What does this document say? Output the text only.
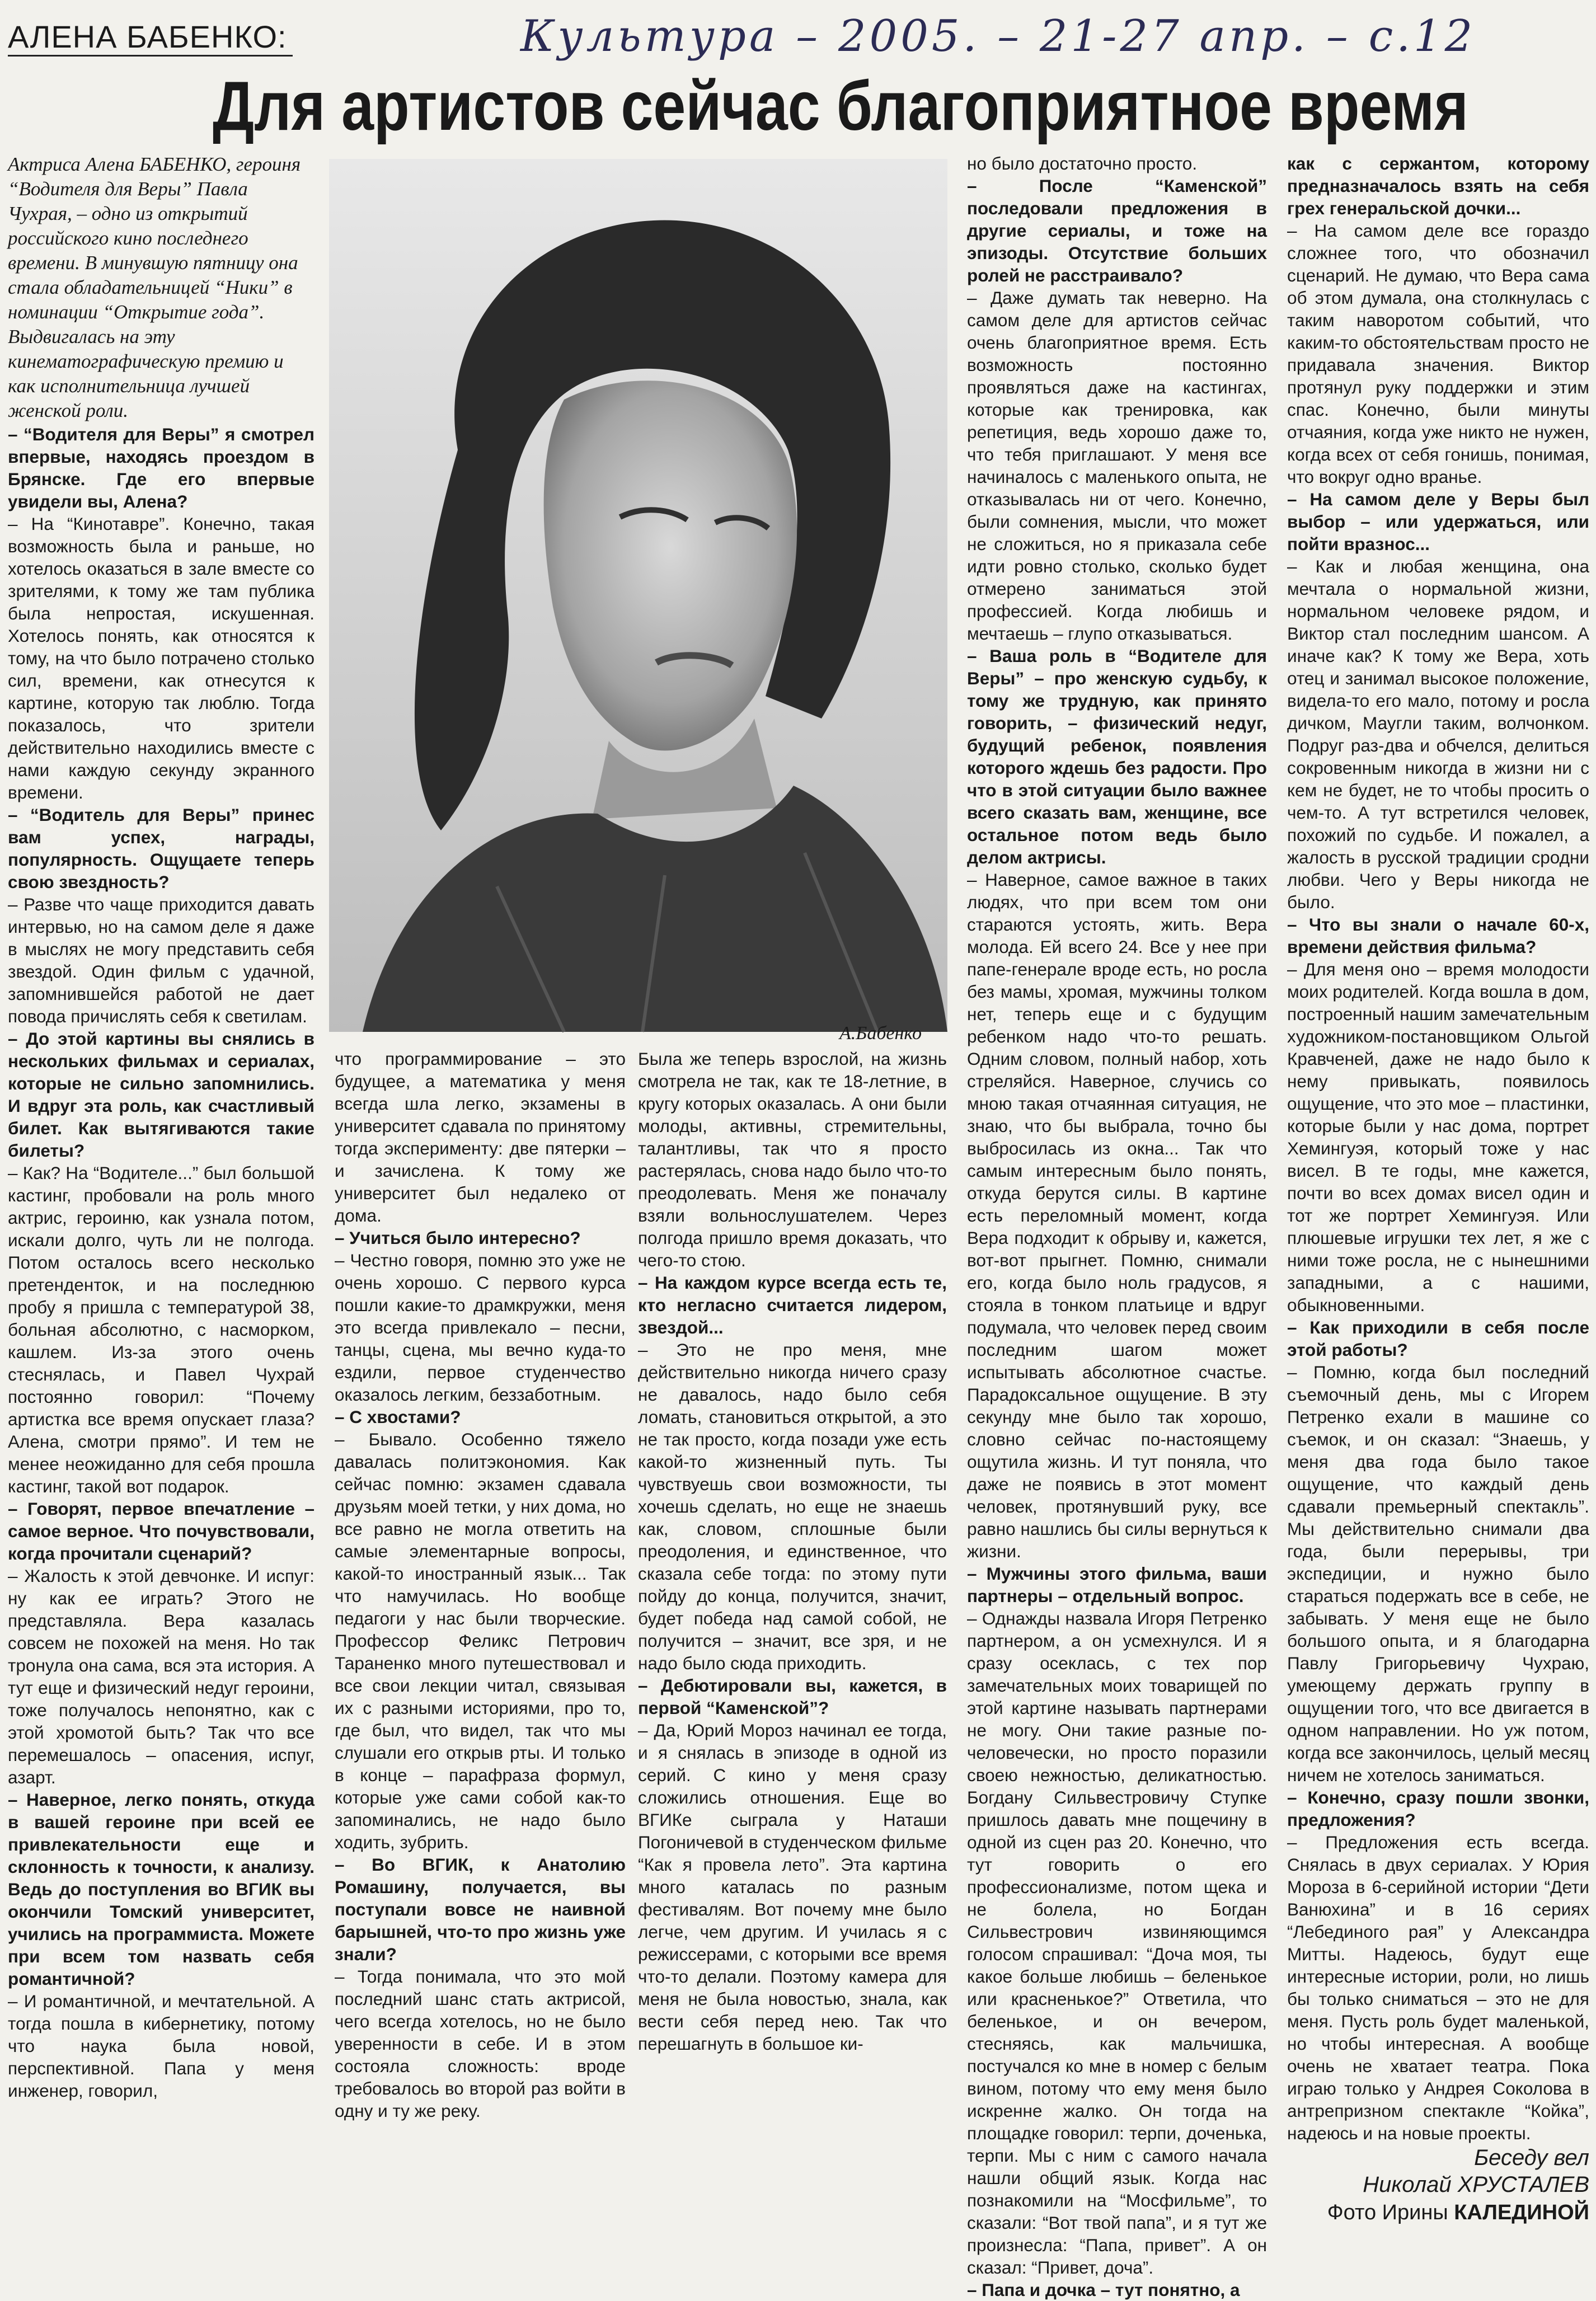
АЛЕНА БАБЕНКО:	Культура – 2005. – 21-27 апр. – с.12
Для артистов сейчас благоприятное время

Актриса Алена БАБЕНКО, героиня “Водителя для Веры” Павла Чухрая, – одно из открытий российского кино последнего времени. В минувшую пятницу она стала обладательницей “Ники” в номинации “Открытие года”. Выдвигалась на эту кинематографическую премию и как исполнительница лучшей женской роли.

– “Водителя для Веры” я смотрел впервые, находясь проездом в Брянске. Где его впервые увидели вы, Алена?

– На “Кинотавре”. Конечно, такая возможность была и раньше, но хотелось оказаться в зале вместе со зрителями, к тому же там публика была непростая, искушенная. Хотелось понять, как относятся к тому, на что было потрачено столько сил, времени, как отнесутся к картине, которую так люблю. Тогда показалось, что зрители действительно находились вместе с нами каждую секунду экранного времени.

– “Водитель для Веры” принес вам успех, награды, популярность. Ощущаете теперь свою звездность?

– Разве что чаще приходится давать интервью, но на самом деле я даже в мыслях не могу представить себя звездой. Один фильм с удачной, запомнившейся работой не дает повода причислять себя к светилам.

– До этой картины вы снялись в нескольких фильмах и сериалах, которые не сильно запомнились. И вдруг эта роль, как счастливый билет. Как вытягиваются такие билеты?

– Как? На “Водителе...” был большой кастинг, пробовали на роль много актрис, героиню, как узнала потом, искали долго, чуть ли не полгода. Потом осталось всего несколько претенденток, и на последнюю пробу я пришла с температурой 38, больная абсолютно, с насморком, кашлем. Из-за этого очень стеснялась, и Павел Чухрай постоянно говорил: “Почему артистка все время опускает глаза? Алена, смотри прямо”. И тем не менее неожиданно для себя прошла кастинг, такой вот подарок.

– Говорят, первое впечатление – самое верное. Что почувствовали, когда прочитали сценарий?

– Жалость к этой девчонке. И испуг: ну как ее играть? Этого не представляла. Вера казалась совсем не похожей на меня. Но так тронула она сама, вся эта история. А тут еще и физический недуг героини, тоже получалось непонятно, как с этой хромотой быть? Так что все перемешалось – опасения, испуг, азарт.

– Наверное, легко понять, откуда в вашей героине при всей ее привлекательности еще и склонность к точности, к анализу. Ведь до поступления во ВГИК вы окончили Томский университет, учились на программиста. Можете при всем том назвать себя романтичной?

– И романтичной, и мечтательной. А тогда пошла в кибернетику, потому что наука была новой, перспективной. Папа у меня инженер, говорил,

А.Бабенко

что программирование – это будущее, а математика у меня всегда шла легко, экзамены в университет сдавала по принятому тогда эксперименту: две пятерки – и зачислена. К тому же университет был недалеко от дома.

– Учиться было интересно?

– Честно говоря, помню это уже не очень хорошо. С первого курса пошли какие-то драмкружки, меня это всегда привлекало – песни, танцы, сцена, мы вечно куда-то ездили, первое студенчество оказалось легким, беззаботным.

– С хвостами?

– Бывало. Особенно тяжело давалась политэкономия. Как сейчас помню: экзамен сдавала друзьям моей тетки, у них дома, но все равно не могла ответить на самые элементарные вопросы, какой-то иностранный язык... Так что намучилась. Но вообще педагоги у нас были творческие. Профессор Феликс Петрович Тараненко много путешествовал и все свои лекции читал, связывая их с разными историями, про то, где был, что видел, так что мы слушали его открыв рты. И только в конце – парафраза формул, которые уже сами собой как-то запоминались, не надо было ходить, зубрить.

– Во ВГИК, к Анатолию Ромашину, получается, вы поступали вовсе не наивной барышней, что-то про жизнь уже знали?

– Тогда понимала, что это мой последний шанс стать актрисой, чего всегда хотелось, но не было уверенности в себе. И в этом состояла сложность: вроде требовалось во второй раз войти в одну и ту же реку.

Была же теперь взрослой, на жизнь смотрела не так, как те 18-летние, в кругу которых оказалась. А они были молоды, активны, стремительны, талантливы, так что я просто растерялась, снова надо было что-то преодолевать. Меня же поначалу взяли вольнослушателем. Через полгода пришло время доказать, что чего-то стою.

– На каждом курсе всегда есть те, кто негласно считается лидером, звездой...

– Это не про меня, мне действительно никогда ничего сразу не давалось, надо было себя ломать, становиться открытой, а это не так просто, когда позади уже есть какой-то жизненный путь. Ты чувствуешь свои возможности, ты хочешь сделать, но еще не знаешь как, словом, сплошные были преодоления, и единственное, что сказала себе тогда: по этому пути пойду до конца, получится, значит, будет победа над самой собой, не получится – значит, все зря, и не надо было сюда приходить.

– Дебютировали вы, кажется, в первой “Каменской”?

– Да, Юрий Мороз начинал ее тогда, и я снялась в эпизоде в одной из серий. С кино у меня сразу сложились отношения. Еще во ВГИКе сыграла у Наташи Погоничевой в студенческом фильме “Как я провела лето”. Эта картина много каталась по разным фестивалям. Вот почему мне было легче, чем другим. И училась я с режиссерами, с которыми все время что-то делали. Поэтому камера для меня не была новостью, знала, как вести себя перед нею. Так что перешагнуть в большое ки-

но было достаточно просто.

– После “Каменской” последовали предложения в другие сериалы, и тоже на эпизоды. Отсутствие больших ролей не расстраивало?

– Даже думать так неверно. На самом деле для артистов сейчас очень благоприятное время. Есть возможность постоянно проявляться даже на кастингах, которые как тренировка, как репетиция, ведь хорошо даже то, что тебя приглашают. У меня все начиналось с маленького опыта, не отказывалась ни от чего. Конечно, были сомнения, мысли, что может не сложиться, но я приказала себе идти ровно столько, сколько будет отмерено заниматься этой профессией. Когда любишь и мечтаешь – глупо отказываться.

– Ваша роль в “Водителе для Веры” – про женскую судьбу, к тому же трудную, как принято говорить, – физический недуг, будущий ребенок, появления которого ждешь без радости. Про что в этой ситуации было важнее всего сказать вам, женщине, все остальное потом ведь было делом актрисы.

– Наверное, самое важное в таких людях, что при всем том они стараются устоять, жить. Вера молода. Ей всего 24. Все у нее при папе-генерале вроде есть, но росла без мамы, хромая, мужчины толком нет, теперь еще и с будущим ребенком надо что-то решать. Одним словом, полный набор, хоть стреляйся. Наверное, случись со мною такая отчаянная ситуация, не знаю, что бы выбрала, точно бы выбросилась из окна... Так что самым интересным было понять, откуда берутся силы. В картине есть переломный момент, когда Вера подходит к обрыву и, кажется, вот-вот прыгнет. Помню, снимали его, когда было ноль градусов, я стояла в тонком платьице и вдруг подумала, что человек перед своим последним шагом может испытывать абсолютное счастье. Парадоксальное ощущение. В эту секунду мне было так хорошо, словно сейчас по-настоящему ощутила жизнь. И тут поняла, что даже не появись в этот момент человек, протянувший руку, все равно нашлись бы силы вернуться к жизни.

– Мужчины этого фильма, ваши партнеры – отдельный вопрос.

– Однажды назвала Игоря Петренко партнером, а он усмехнулся. И я сразу осеклась, с тех пор замечательных моих товарищей по этой картине называть партнерами не могу. Они такие разные по-человечески, но просто поразили своею нежностью, деликатностью. Богдану Сильвестровичу Ступке пришлось давать мне пощечину в одной из сцен раз 20. Конечно, что тут говорить о его профессионализме, потом щека и не болела, но Богдан Сильвестрович извиняющимся голосом спрашивал: “Доча моя, ты какое больше любишь – беленькое или красненькое?” Ответила, что беленькое, и он вечером, стесняясь, как мальчишка, постучался ко мне в номер с белым вином, потому что ему меня было искренне жалко. Он тогда на площадке говорил: терпи, доченька, терпи. Мы с ним с самого начала нашли общий язык. Когда нас познакомили на “Мосфильме”, то сказали: “Вот твой папа”, и я тут же произнесла: “Папа, привет”. А он сказал: “Привет, доча”.

– Папа и дочка – тут понятно, а

как с сержантом, которому предназначалось взять на себя грех генеральской дочки...

– На самом деле все гораздо сложнее того, что обозначил сценарий. Не думаю, что Вера сама об этом думала, она столкнулась с таким наворотом событий, что каким-то обстоятельствам просто не придавала значения. Виктор протянул руку поддержки и этим спас. Конечно, были минуты отчаяния, когда уже никто не нужен, когда всех от себя гонишь, понимая, что вокруг одно вранье.

– На самом деле у Веры был выбор – или удержаться, или пойти вразнос...

– Как и любая женщина, она мечтала о нормальной жизни, нормальном человеке рядом, и Виктор стал последним шансом. А иначе как? К тому же Вера, хоть отец и занимал высокое положение, видела-то его мало, потому и росла дичком, Маугли таким, волчонком. Подруг раз-два и обчелся, делиться сокровенным никогда в жизни ни с кем не будет, не то чтобы просить о чем-то. А тут встретился человек, похожий по судьбе. И пожалел, а жалость в русской традиции сродни любви. Чего у Веры никогда не было.

– Что вы знали о начале 60-х, времени действия фильма?

– Для меня оно – время молодости моих родителей. Когда вошла в дом, построенный нашим замечательным художником-постановщиком Ольгой Кравченей, даже не надо было к нему привыкать, появилось ощущение, что это мое – пластинки, которые были у нас дома, портрет Хемингуэя, который тоже у нас висел. В те годы, мне кажется, почти во всех домах висел один и тот же портрет Хемингуэя. Или плюшевые игрушки тех лет, я же с ними тоже росла, не с нынешними западными, а с нашими, обыкновенными.

– Как приходили в себя после этой работы?

– Помню, когда был последний съемочный день, мы с Игорем Петренко ехали в машине со съемок, и он сказал: “Знаешь, у меня два года было такое ощущение, что каждый день сдавали премьерный спектакль”. Мы действительно снимали два года, были перерывы, три экспедиции, и нужно было стараться подержать все в себе, не забывать. У меня еще не было большого опыта, и я благодарна Павлу Григорьевичу Чухраю, умеющему держать группу в ощущении того, что все двигается в одном направлении. Но уж потом, когда все закончилось, целый месяц ничем не хотелось заниматься.

– Конечно, сразу пошли звонки, предложения?

– Предложения есть всегда. Снялась в двух сериалах. У Юрия Мороза в 6-серийной истории “Дети Ванюхина” и в 16 сериях “Лебединого рая” у Александра Митты. Надеюсь, будут еще интересные истории, роли, но лишь бы только сниматься – это не для меня. Пусть роль будет маленькой, но чтобы интересная. А вообще очень не хватает театра. Пока играю только у Андрея Соколова в антрепризном спектакле “Койка”, надеюсь и на новые проекты.

Беседу вел
Николай ХРУСТАЛЕВ
Фото Ирины КАЛЕДИНОЙ
